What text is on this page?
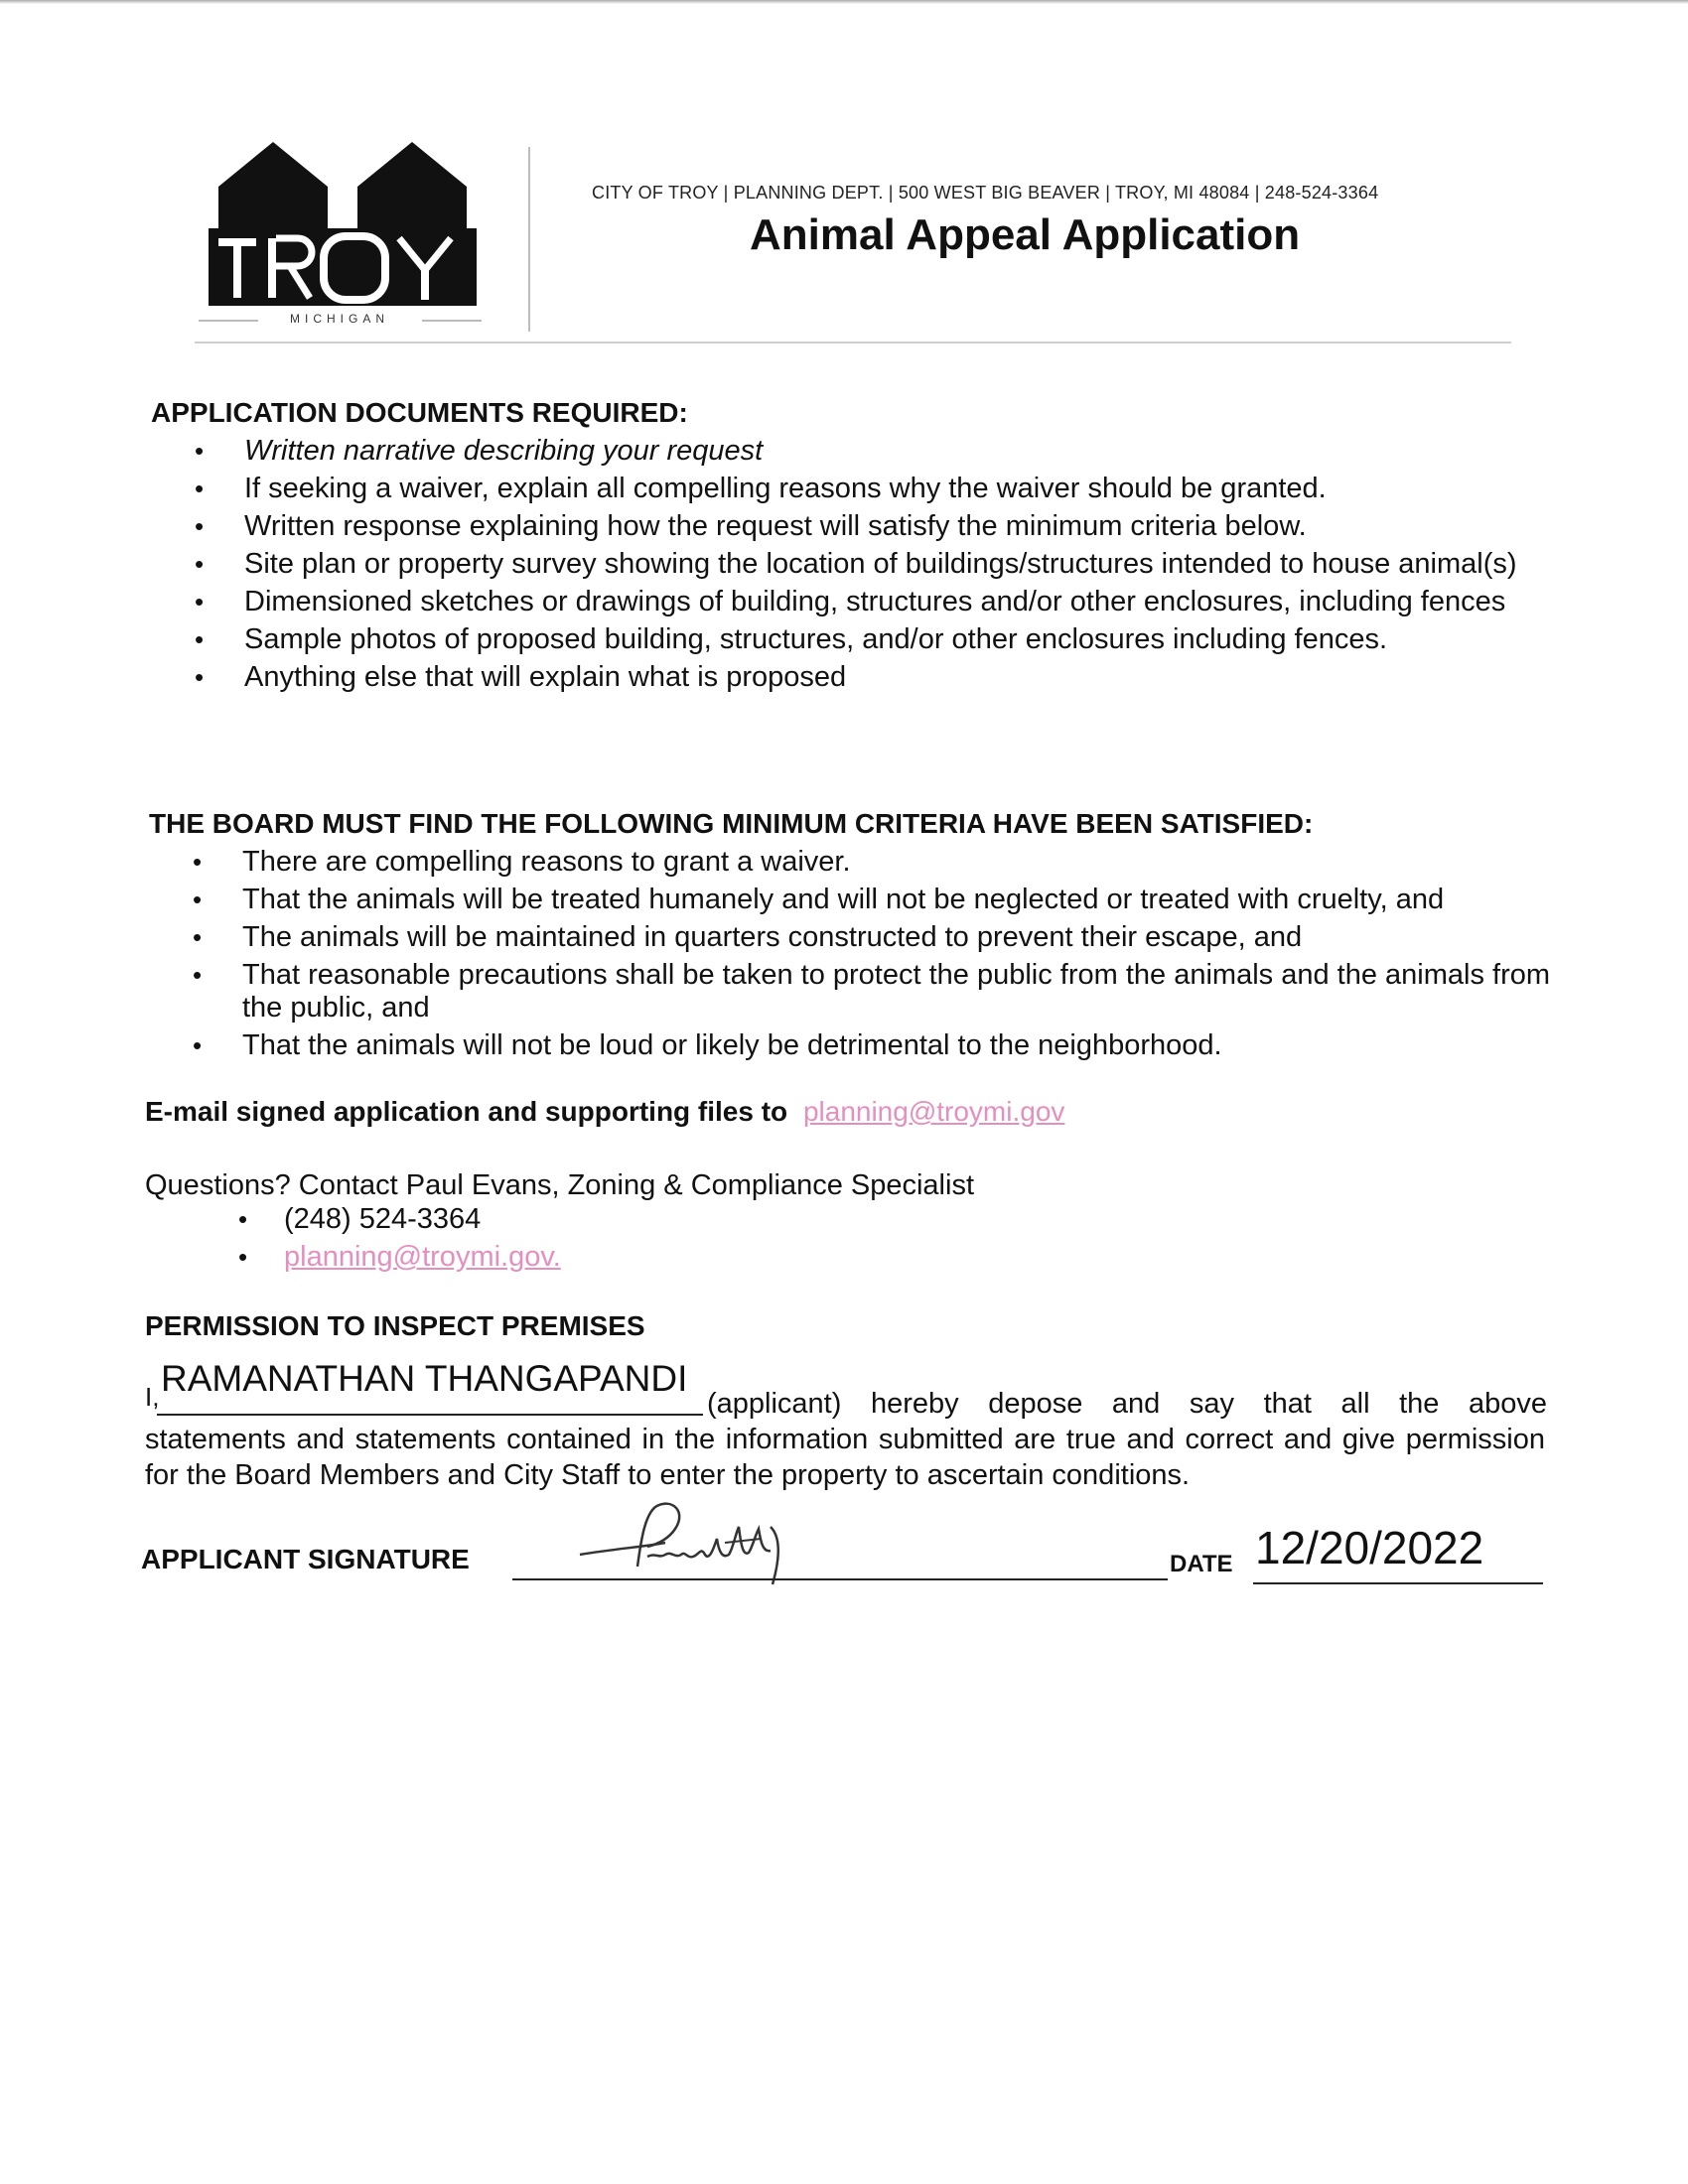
MICHIGAN
CITY OF TROY | PLANNING DEPT. | 500 WEST BIG BEAVER | TROY, MI 48084 | 248-524-3364
Animal Appeal Application
APPLICATION DOCUMENTS REQUIRED:
• Written narrative describing your request
• If seeking a waiver, explain all compelling reasons why the waiver should be granted.
• Written response explaining how the request will satisfy the minimum criteria below.
• Site plan or property survey showing the location of buildings/structures intended to house animal(s)
• Dimensioned sketches or drawings of building, structures and/or other enclosures, including fences
• Sample photos of proposed building, structures, and/or other enclosures including fences.
• Anything else that will explain what is proposed
THE BOARD MUST FIND THE FOLLOWING MINIMUM CRITERIA HAVE BEEN SATISFIED:
• There are compelling reasons to grant a waiver.
• That the animals will be treated humanely and will not be neglected or treated with cruelty, and
• The animals will be maintained in quarters constructed to prevent their escape, and
• That reasonable precautions shall be taken to protect the public from the animals and the animals from the public, and
• That the animals will not be loud or likely be detrimental to the neighborhood.
E-mail signed application and supporting files to planning@troymi.gov
Questions? Contact Paul Evans, Zoning & Compliance Specialist
• (248) 524-3364
• planning@troymi.gov.
PERMISSION TO INSPECT PREMISES
I, RAMANATHAN THANGAPANDI
(applicant) hereby depose and say that all the above
statements and statements contained in the information submitted are true and correct and give permission for the Board Members and City Staff to enter the property to ascertain conditions.
APPLICANT SIGNATURE	DATE 12/20/2022
